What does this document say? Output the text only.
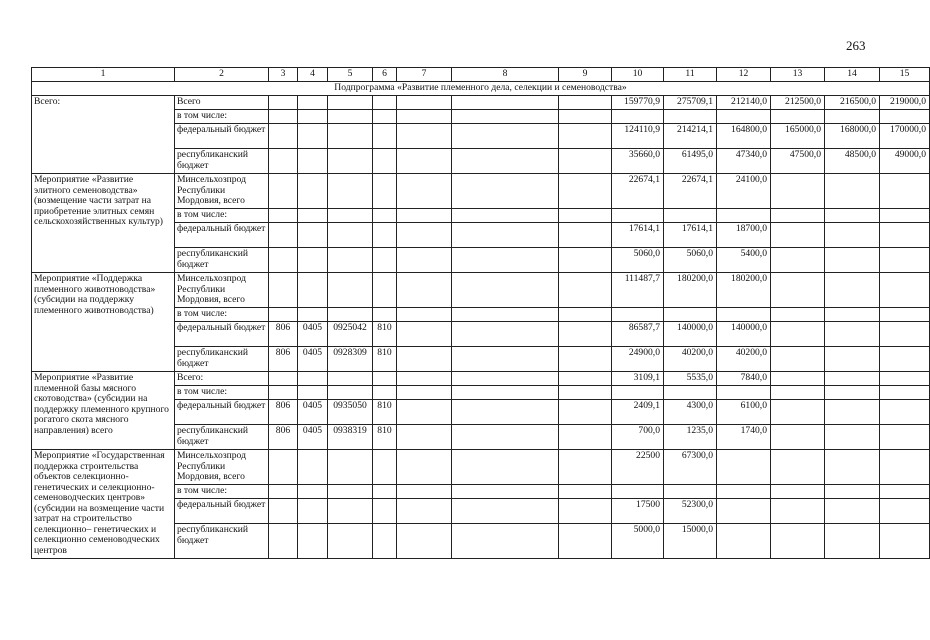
263
1	2	3	4	5	6	7	8	9	10	11	12	13	14	15
Подпрограмма «Развитие племенного дела, селекции и семеноводства»														
Всего:	Всего								159770,9	275709,1	212140,0	212500,0	216500,0	219000,0
	в том числе:													
	федеральный бюджет								124110,9	214214,1	164800,0	165000,0	168000,0	170000,0
	республиканский бюджет								35660,0	61495,0	47340,0	47500,0	48500,0	49000,0
Мероприятие «Развитие элитного семеноводства» (возмещение части затрат на приобретение элитных семян сельскохозяйственных культур)	Минсельхозпрод Республики Мордовия, всего								22674,1	22674,1	24100,0			
	в том числе:													
	федеральный бюджет								17614,1	17614,1	18700,0			
	республиканский бюджет								5060,0	5060,0	5400,0			
Мероприятие «Поддержка племенного животноводства» (субсидии на поддержку племенного животноводства)	Минсельхозпрод Республики Мордовия, всего								111487,7	180200,0	180200,0			
	в том числе:													
	федеральный бюджет	806	0405	0925042	810				86587,7	140000,0	140000,0			
	республиканский бюджет	806	0405	0928309	810				24900,0	40200,0	40200,0			
Мероприятие «Развитие племенной базы мясного скотоводства» (субсидии на поддержку племенного крупного рогатого скота мясного направления) всего	Всего:								3109,1	5535,0	7840,0			
	в том числе:													
	федеральный бюджет	806	0405	0935050	810				2409,1	4300,0	6100,0			
	республиканский бюджет	806	0405	0938319	810				700,0	1235,0	1740,0			
Мероприятие «Государственная поддержка строительства объектов селекционно-генетических и селекционно-семеноводческих центров» (субсидии на возмещение части затрат на строительство селекционно– генетических и селекционно семеноводческих центров	Минсельхозпрод Республики Мордовия, всего								22500	67300,0				
	в том числе:													
	федеральный бюджет								17500	52300,0				
	республиканский бюджет								5000,0	15000,0				
